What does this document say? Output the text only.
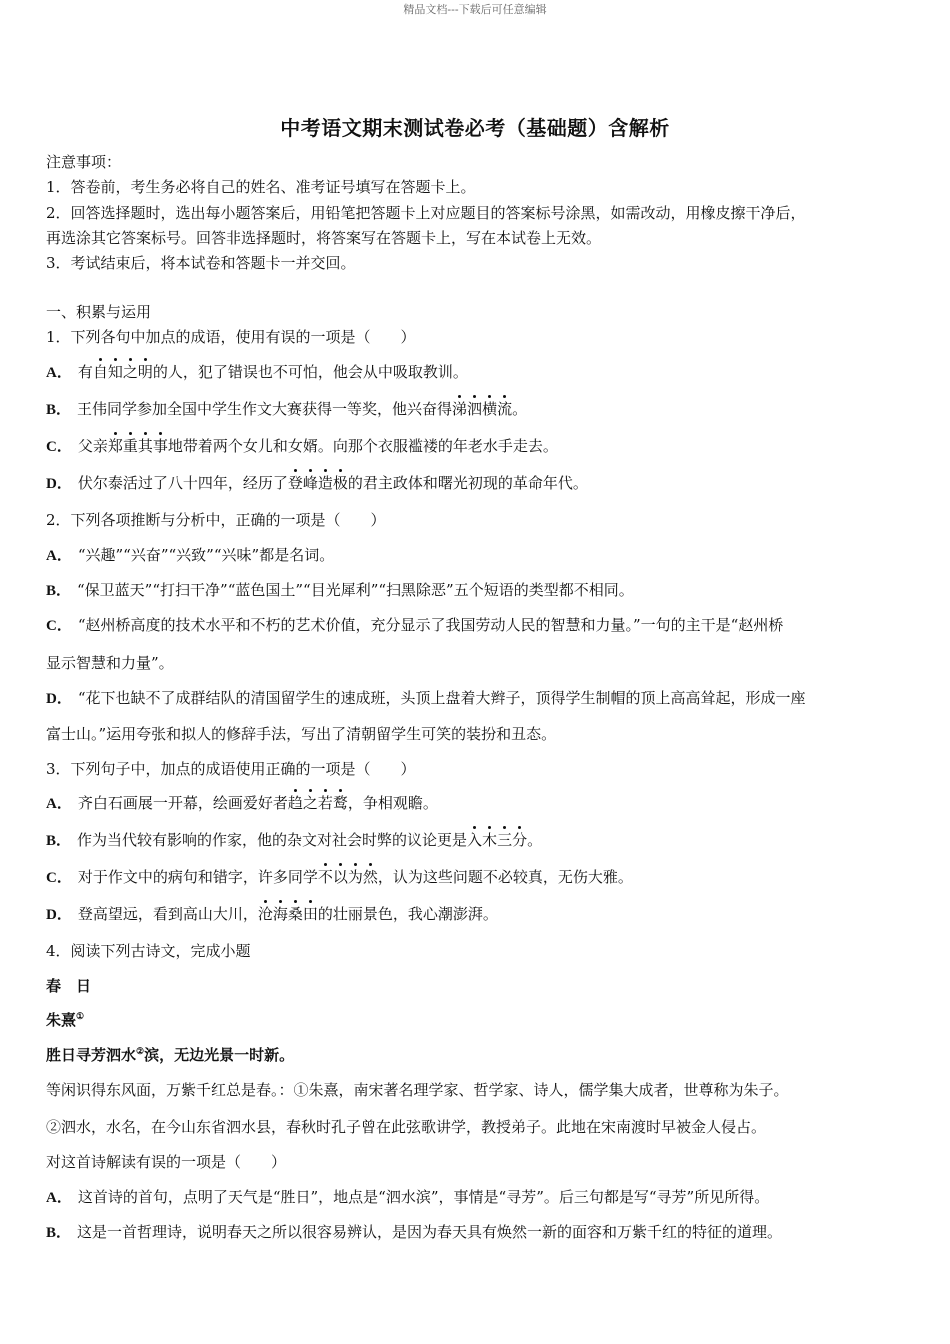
精品文档---下载后可任意编辑
中考语文期末测试卷必考（基础题）含解析
注意事项：
1．答卷前，考生务必将自己的姓名、准考证号填写在答题卡上。
2．回答选择题时，选出每小题答案后，用铅笔把答题卡上对应题目的答案标号涂黑，如需改动，用橡皮擦干净后，
再选涂其它答案标号。回答非选择题时，将答案写在答题卡上，写在本试卷上无效。
3．考试结束后，将本试卷和答题卡一并交回。
一、积累与运用
1．下列各句中加点的成语，使用有误的一项是（　　）
A． 有自知之明的人，犯了错误也不可怕，他会从中吸取教训。
B． 王伟同学参加全国中学生作文大赛获得一等奖，他兴奋得涕泗横流。
C． 父亲郑重其事地带着两个女儿和女婿。向那个衣服褴褛的年老水手走去。
D． 伏尔泰活过了八十四年，经历了登峰造极的君主政体和曙光初现的革命年代。
2．下列各项推断与分析中，正确的一项是（　　）
A． “兴趣”“兴奋”“兴致”“兴味”都是名词。
B． “保卫蓝天”“打扫干净”“蓝色国土”“目光犀利”“扫黑除恶”五个短语的类型都不相同。
C． “赵州桥高度的技术水平和不朽的艺术价值，充分显示了我国劳动人民的智慧和力量。”一句的主干是“赵州桥
显示智慧和力量”。
D． “花下也缺不了成群结队的清国留学生的速成班，头顶上盘着大辫子，顶得学生制帽的顶上高高耸起，形成一座
富士山。”运用夸张和拟人的修辞手法，写出了清朝留学生可笑的装扮和丑态。
3．下列句子中，加点的成语使用正确的一项是（　　）
A． 齐白石画展一开幕，绘画爱好者趋之若鹜，争相观瞻。
B． 作为当代较有影响的作家，他的杂文对社会时弊的议论更是入木三分。
C． 对于作文中的病句和错字，许多同学不以为然，认为这些问题不必较真，无伤大雅。
D． 登高望远，看到高山大川，沧海桑田的壮丽景色，我心潮澎湃。
4．阅读下列古诗文，完成小题
春　日
朱熹①
胜日寻芳泗水②滨，无边光景一时新。
等闲识得东风面，万紫千红总是春。：①朱熹，南宋著名理学家、哲学家、诗人，儒学集大成者，世尊称为朱子。
②泗水，水名，在今山东省泗水县，春秋时孔子曾在此弦歌讲学，教授弟子。此地在宋南渡时早被金人侵占。
对这首诗解读有误的一项是（　　）
A． 这首诗的首句，点明了天气是“胜日”，地点是“泗水滨”，事情是“寻芳”。后三句都是写“寻芳”所见所得。
B． 这是一首哲理诗，说明春天之所以很容易辨认，是因为春天具有焕然一新的面容和万紫千红的特征的道理。
